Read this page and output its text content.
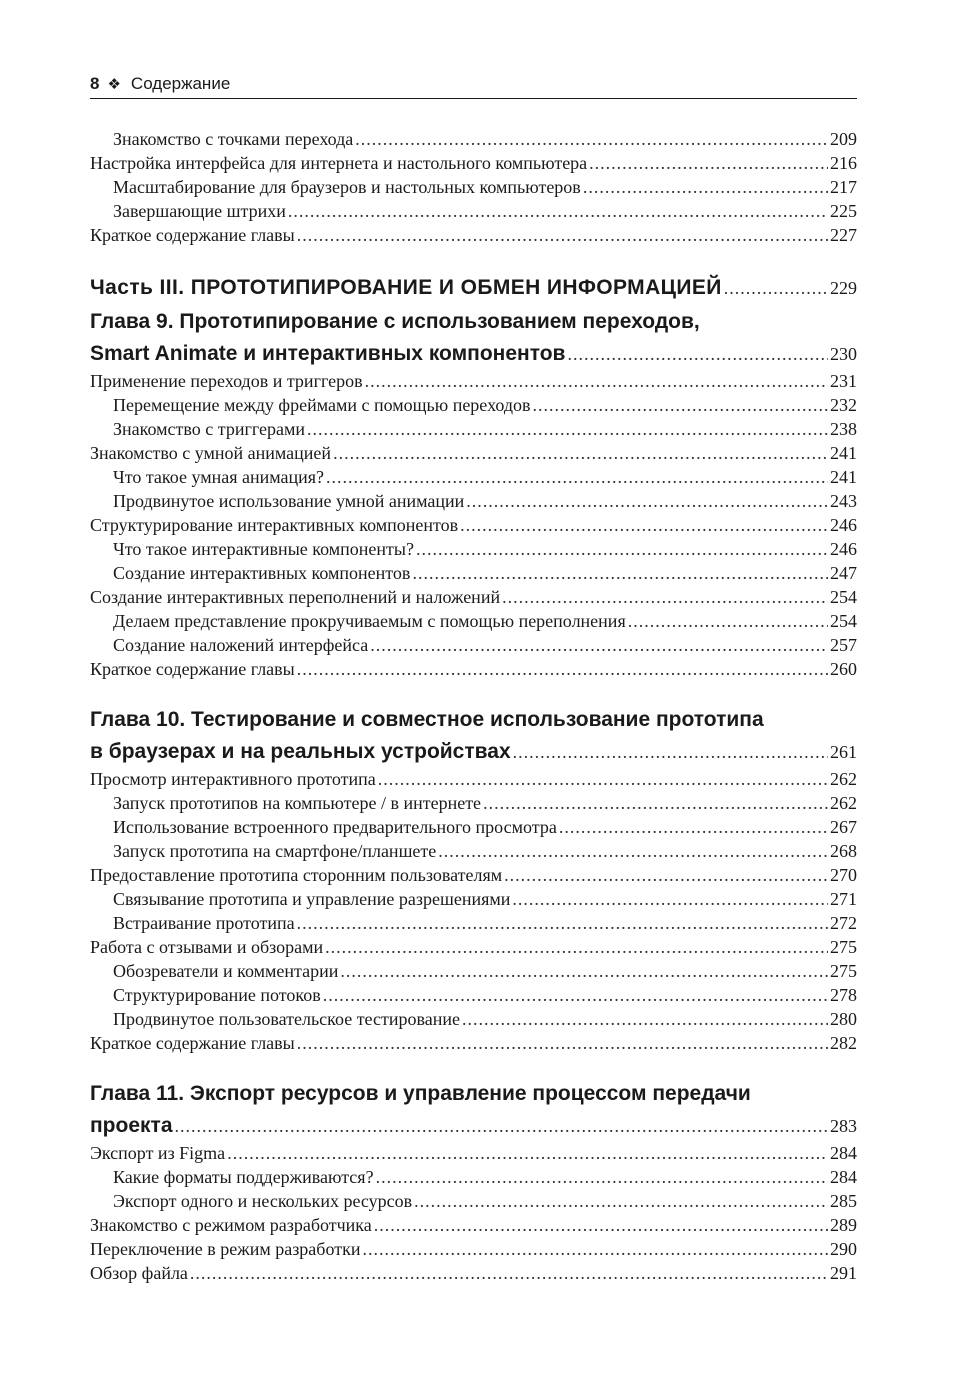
8 ❖ Содержание
Знакомство с точками перехода .....	209
Настройка интерфейса для интернета и настольного компьютера .....	216
Масштабирование для браузеров и настольных компьютеров .....	217
Завершающие штрихи .....	225
Краткое содержание главы .....	227
Часть III. ПРОТОТИПИРОВАНИЕ И ОБМЕН ИНФОРМАЦИЕЙ .....	229
Глава 9. Прототипирование с использованием переходов,
Smart Animate и интерактивных компонентов .....	230
Применение переходов и триггеров .....	231
Перемещение между фреймами с помощью переходов .....	232
Знакомство с триггерами .....	238
Знакомство с умной анимацией .....	241
Что такое умная анимация? .....	241
Продвинутое использование умной анимации .....	243
Структурирование интерактивных компонентов .....	246
Что такое интерактивные компоненты? .....	246
Создание интерактивных компонентов .....	247
Создание интерактивных переполнений и наложений .....	254
Делаем представление прокручиваемым с помощью переполнения .....	254
Создание наложений интерфейса .....	257
Краткое содержание главы .....	260
Глава 10. Тестирование и совместное использование прототипа
в браузерах и на реальных устройствах .....	261
Просмотр интерактивного прототипа .....	262
Запуск прототипов на компьютере / в интернете .....	262
Использование встроенного предварительного просмотра .....	267
Запуск прототипа на смартфоне/планшете .....	268
Предоставление прототипа сторонним пользователям .....	270
Связывание прототипа и управление разрешениями .....	271
Встраивание прототипа .....	272
Работа с отзывами и обзорами .....	275
Обозреватели и комментарии .....	275
Структурирование потоков .....	278
Продвинутое пользовательское тестирование .....	280
Краткое содержание главы .....	282
Глава 11. Экспорт ресурсов и управление процессом передачи
проекта .....	283
Экспорт из Figma .....	284
Какие форматы поддерживаются? .....	284
Экспорт одного и нескольких ресурсов .....	285
Знакомство с режимом разработчика .....	289
Переключение в режим разработки .....	290
Обзор файла .....	291
